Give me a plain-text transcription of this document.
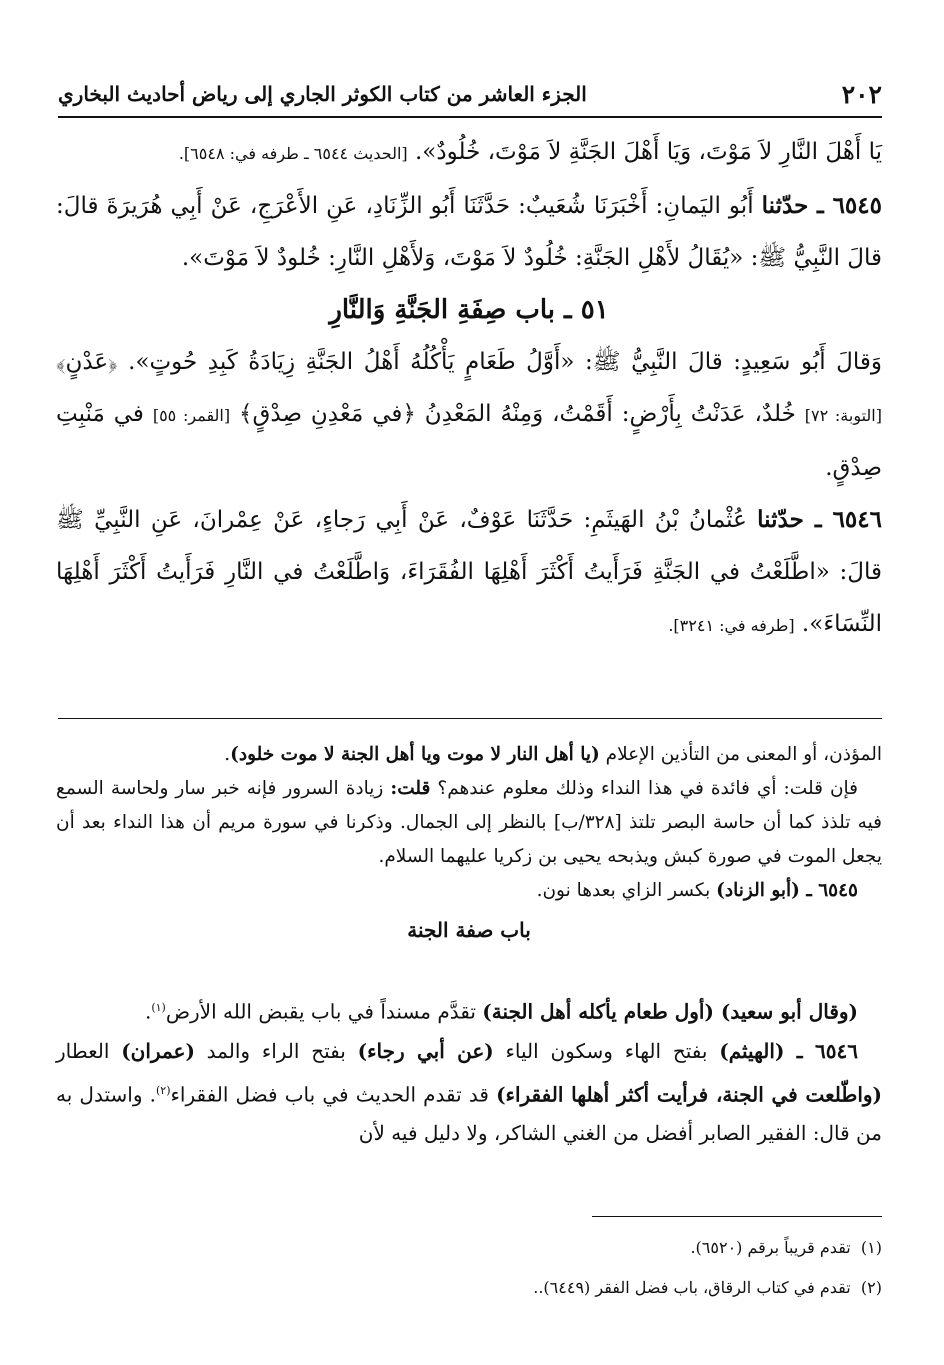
٢٠٢
الجزء العاشر من كتاب الكوثر الجاري إلى رياض أحاديث البخاري

يَا أَهْلَ النَّارِ لاَ مَوْتَ، وَيَا أَهْلَ الجَنَّةِ لاَ مَوْتَ، خُلُودٌ». [الحديث ٦٥٤٤ ـ طرفه في: ٦٥٤٨].

٦٥٤٥ ـ حدّثنا أَبُو اليَمانِ: أَخْبَرَنَا شُعَيبٌ: حَدَّثَنَا أَبُو الزِّنَادِ، عَنِ الأَعْرَجِ، عَنْ أَبِي هُرَيرَةَ قالَ: قالَ النَّبِيُّ ﷺ: «يُقَالُ لأَهْلِ الجَنَّةِ: خُلُودٌ لاَ مَوْتَ، وَلأَهْلِ النَّارِ: خُلودٌ لاَ مَوْتَ».

٥١ ـ باب صِفَةِ الجَنَّةِ وَالنَّارِ

وَقالَ أَبُو سَعِيدٍ: قالَ النَّبِيُّ ﷺ: «أَوَّلُ طَعَامٍ يَأْكُلُهُ أَهْلُ الجَنَّةِ زِيَادَةُ كَبِدِ حُوتٍ». ﴿عَدْنٍ﴾ [التوبة: ٧٢] خُلدٌ، عَدَنْتُ بِأَرْضٍ: أَقَمْتُ، وَمِنْهُ المَعْدِنُ ﴿في مَعْدِنِ صِدْقٍ﴾ [القمر: ٥٥] في مَنْبِتِ صِدْقٍ.

٦٥٤٦ ـ حدّثنا عُثْمانُ بْنُ الهَيثَمِ: حَدَّثَنَا عَوْفٌ، عَنْ أَبِي رَجاءٍ، عَنْ عِمْرانَ، عَنِ النَّبِيِّ ﷺ قالَ: «اطَّلَعْتُ في الجَنَّةِ فَرَأَيتُ أَكْثَرَ أَهْلِهَا الفُقَرَاءَ، وَاطَّلَعْتُ في النَّارِ فَرَأَيتُ أَكْثَرَ أَهْلِهَا النِّسَاءَ». [طرفه في: ٣٢٤١].

المؤذن، أو المعنى من التأذين الإعلام (يا أهل النار لا موت ويا أهل الجنة لا موت خلود).

فإن قلت: أي فائدة في هذا النداء وذلك معلوم عندهم؟ قلت: زيادة السرور فإنه خبر سار ولحاسة السمع فيه تلذذ كما أن حاسة البصر تلتذ [٣٢٨/ب] بالنظر إلى الجمال. وذكرنا في سورة مريم أن هذا النداء بعد أن يجعل الموت في صورة كبش ويذبحه يحيى بن زكريا عليهما السلام.

٦٥٤٥ ـ (أبو الزناد) بكسر الزاي بعدها نون.

باب صفة الجنة

(وقال أبو سعيد) (أول طعام يأكله أهل الجنة) تقدَّم مسنداً في باب يقبض الله الأرض$^{(١)}$.

٦٥٤٦ ـ (الهيثم) بفتح الهاء وسكون الياء (عن أبي رجاء) بفتح الراء والمد (عمران) العطار (واطّلعت في الجنة، فرأيت أكثر أهلها الفقراء) قد تقدم الحديث في باب فضل الفقراء$^{(٢)}$. واستدل به من قال: الفقير الصابر أفضل من الغني الشاكر، ولا دليل فيه لأن

(١)  تقدم قريباً برقم (٦٥٢٠).

(٢)  تقدم في كتاب الرقاق، باب فضل الفقر (٦٤٤٩)..
